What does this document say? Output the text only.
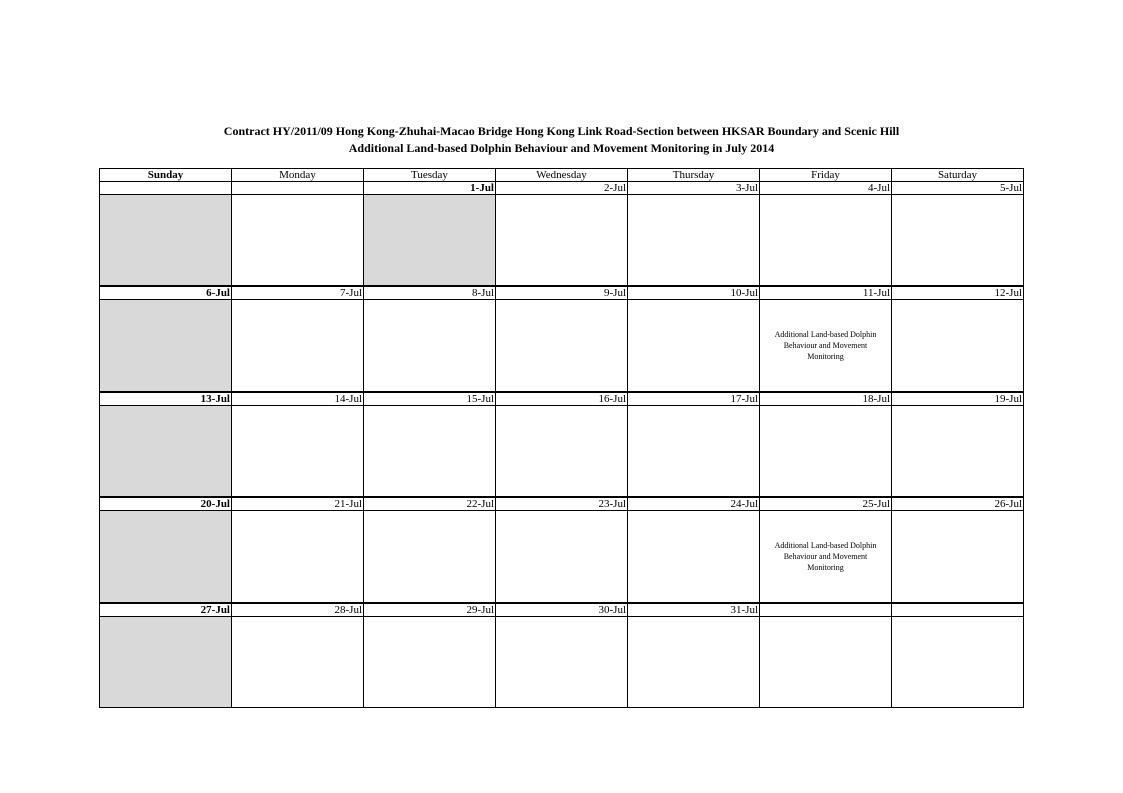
Contract HY/2011/09 Hong Kong-Zhuhai-Macao Bridge Hong Kong Link Road-Section between HKSAR Boundary and Scenic Hill
Additional Land-based Dolphin Behaviour and Movement Monitoring in July 2014
Sunday	Monday	Tuesday	Wednesday	Thursday	Friday	Saturday
		1-Jul	2-Jul	3-Jul	4-Jul	5-Jul

6-Jul	7-Jul	8-Jul	9-Jul	10-Jul	11-Jul	12-Jul
					Additional Land-based Dolphin Behaviour and Movement Monitoring	
13-Jul	14-Jul	15-Jul	16-Jul	17-Jul	18-Jul	19-Jul

20-Jul	21-Jul	22-Jul	23-Jul	24-Jul	25-Jul	26-Jul
					Additional Land-based Dolphin Behaviour and Movement Monitoring	
27-Jul	28-Jul	29-Jul	30-Jul	31-Jul		
